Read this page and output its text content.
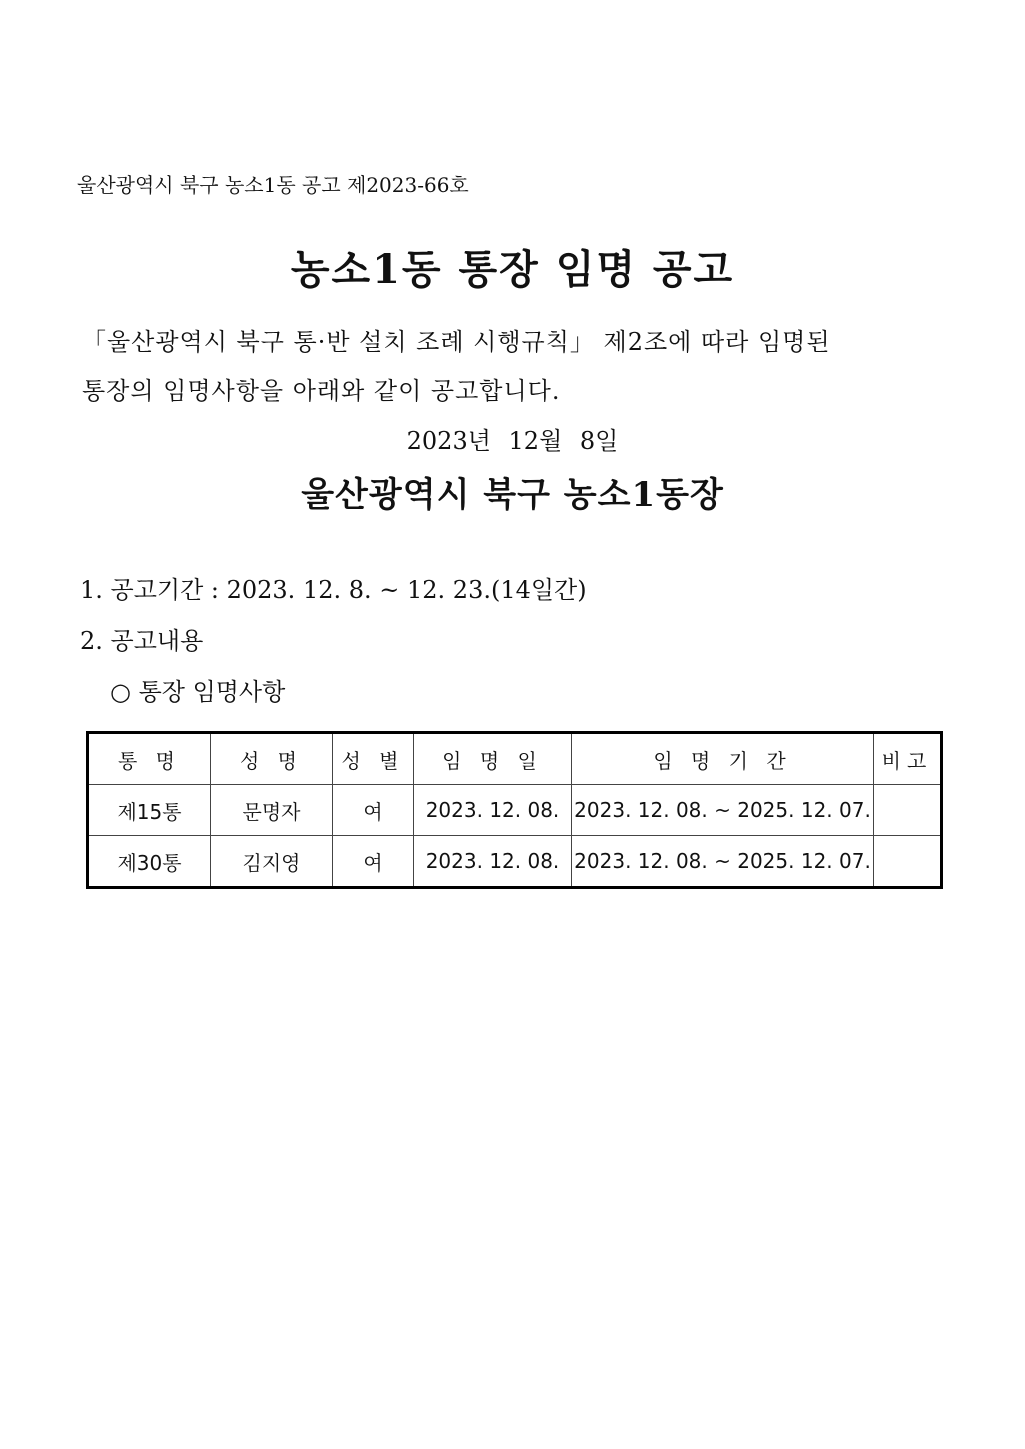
울산광역시 북구 농소1동 공고 제2023-66호
농소1동 통장 임명 공고
「울산광역시 북구 통·반 설치 조례 시행규칙」 제2조에 따라 임명된
통장의 임명사항을 아래와 같이 공고합니다.
2023년 12월 8일
울산광역시 북구 농소1동장
1. 공고기간 : 2023. 12. 8. ~ 12. 23.(14일간)
2. 공고내용
○ 통장 임명사항
통 명	성 명	성 별	임 명 일	임 명 기 간	비고
제15통	문명자	여	2023. 12. 08.	2023. 12. 08. ~ 2025. 12. 07.	
제30통	김지영	여	2023. 12. 08.	2023. 12. 08. ~ 2025. 12. 07.	
